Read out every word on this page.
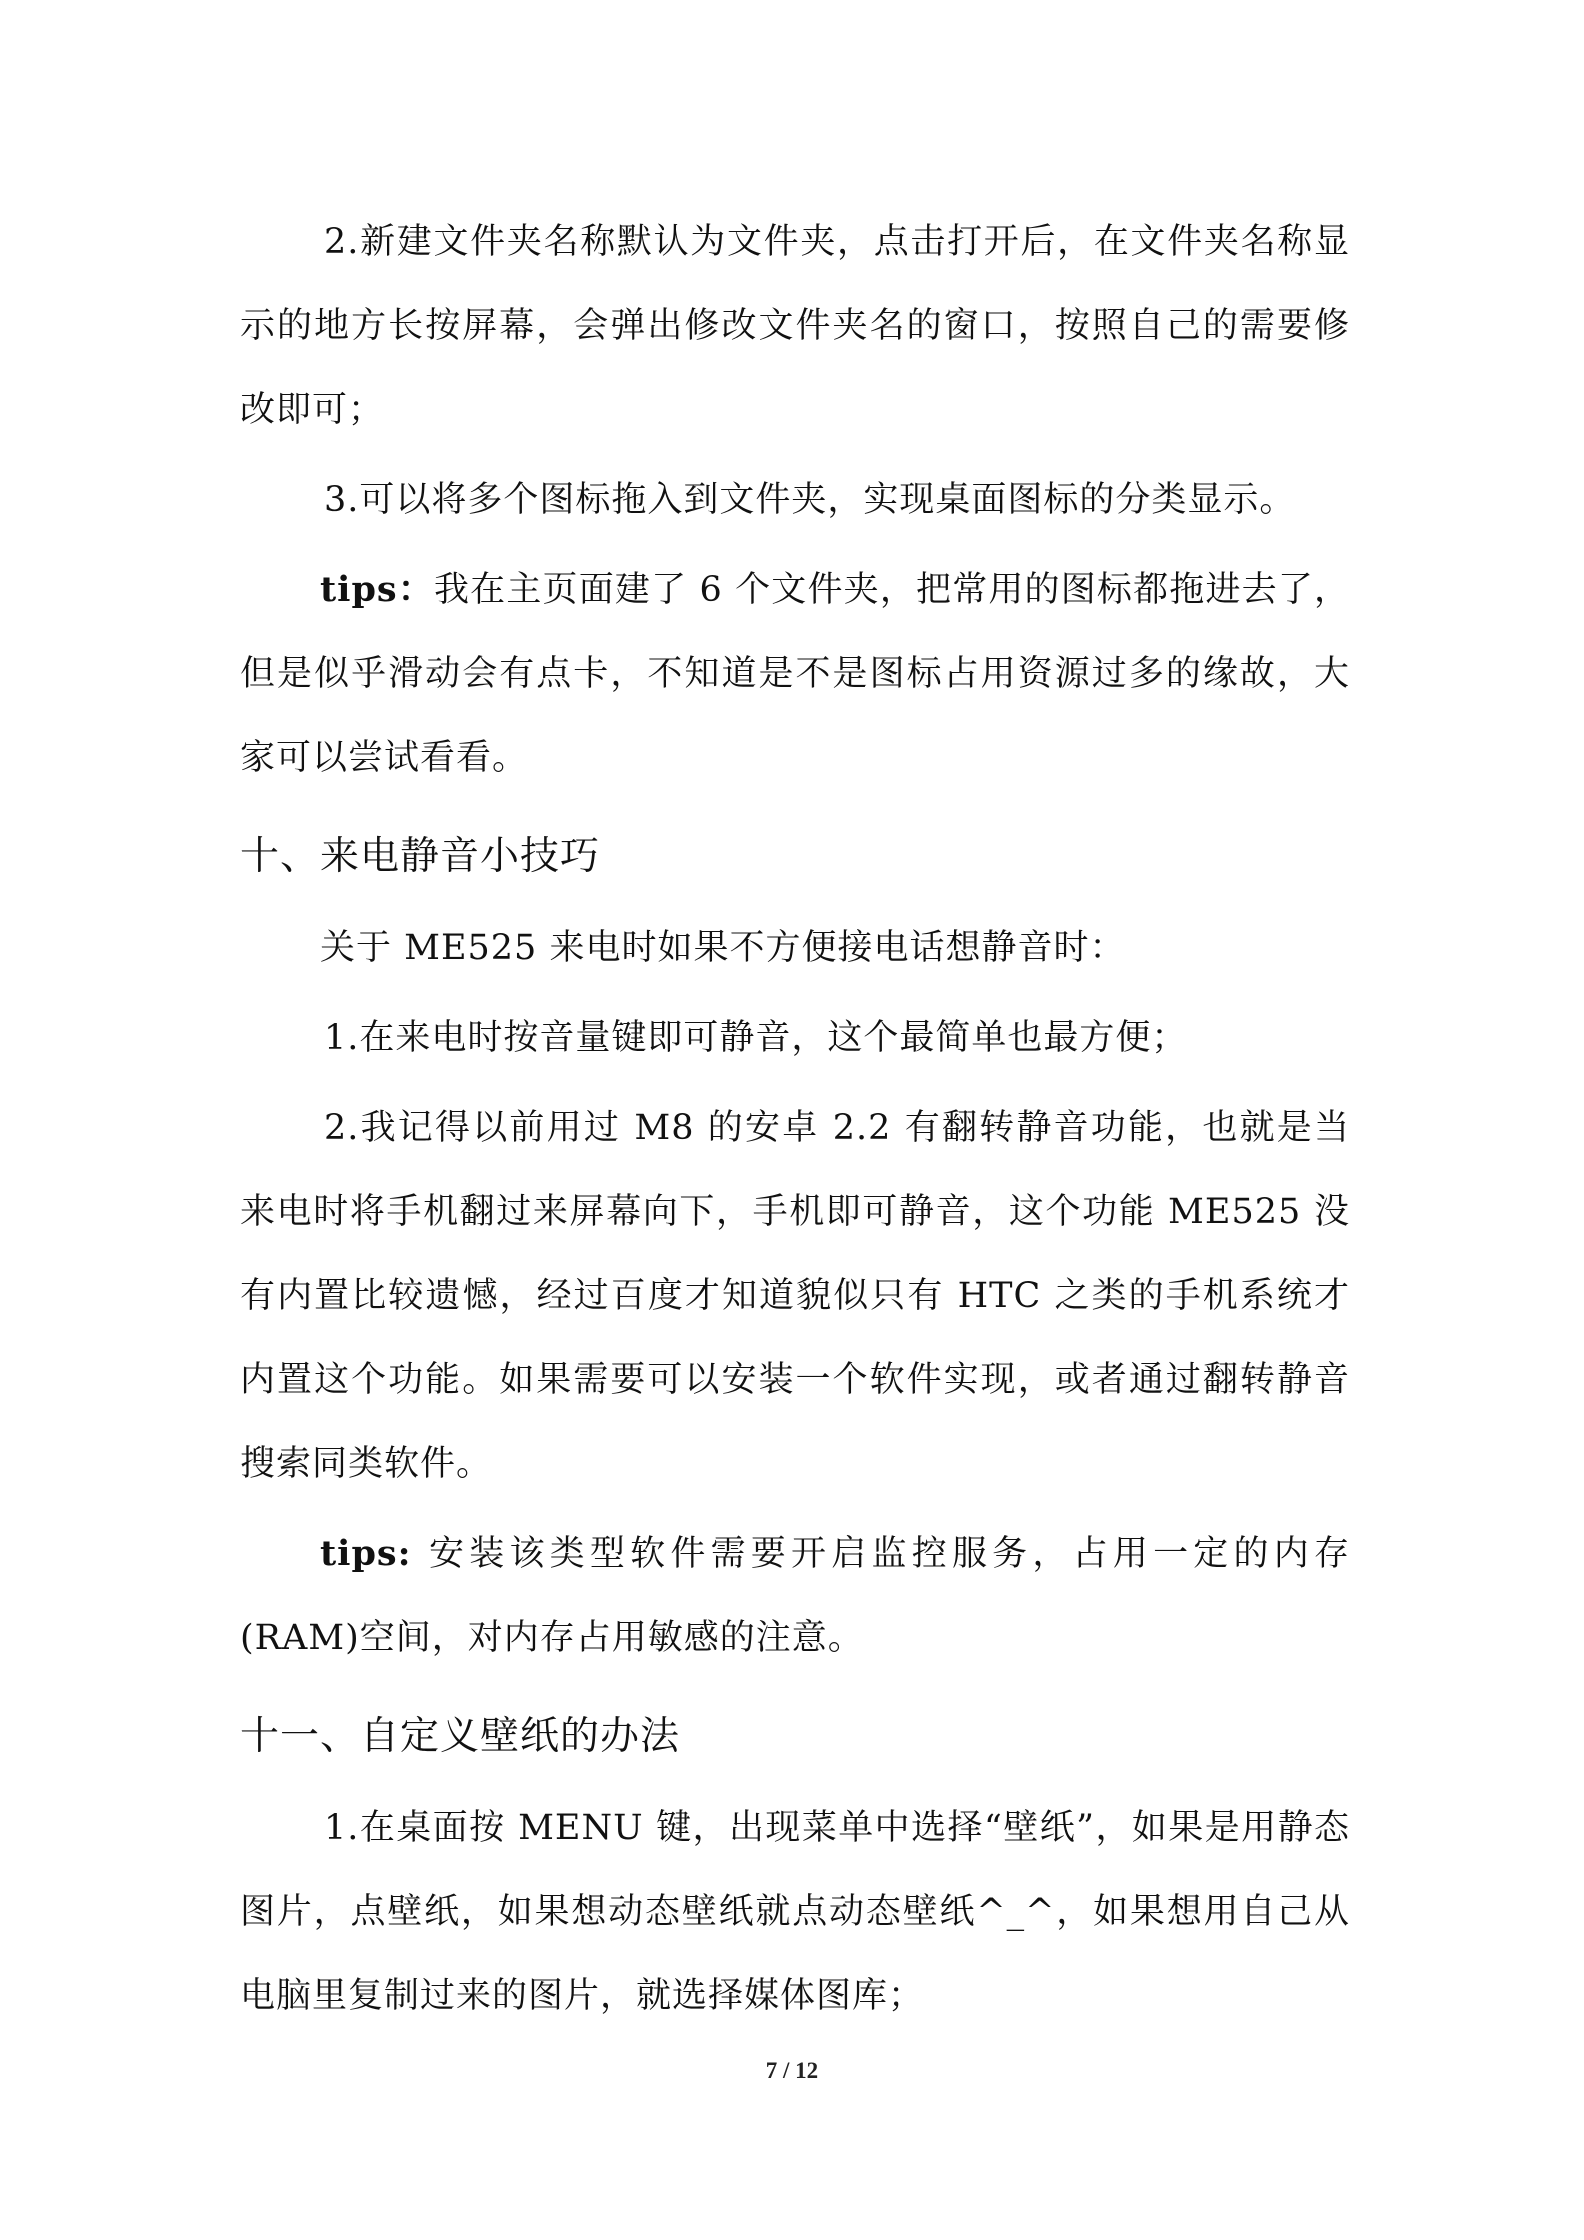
2.新建文件夹名称默认为文件夹，点击打开后，在文件夹名称显示的地方长按屏幕，会弹出修改文件夹名的窗口，按照自己的需要修改即可；

3.可以将多个图标拖入到文件夹，实现桌面图标的分类显示。

tips：我在主页面建了 6 个文件夹，把常用的图标都拖进去了，但是似乎滑动会有点卡，不知道是不是图标占用资源过多的缘故，大家可以尝试看看。

十、来电静音小技巧

关于 ME525 来电时如果不方便接电话想静音时：

1.在来电时按音量键即可静音，这个最简单也最方便；

2.我记得以前用过 M8 的安卓 2.2 有翻转静音功能，也就是当来电时将手机翻过来屏幕向下，手机即可静音，这个功能 ME525 没有内置比较遗憾，经过百度才知道貌似只有 HTC 之类的手机系统才内置这个功能。如果需要可以安装一个软件实现，或者通过翻转静音搜索同类软件。

tips: 安装该类型软件需要开启监控服务，占用一定的内存(RAM)空间，对内存占用敏感的注意。

十一、自定义壁纸的办法

1.在桌面按 MENU 键，出现菜单中选择“壁纸”，如果是用静态图片，点壁纸，如果想动态壁纸就点动态壁纸^_^，如果想用自己从电脑里复制过来的图片，就选择媒体图库；

7 / 12
